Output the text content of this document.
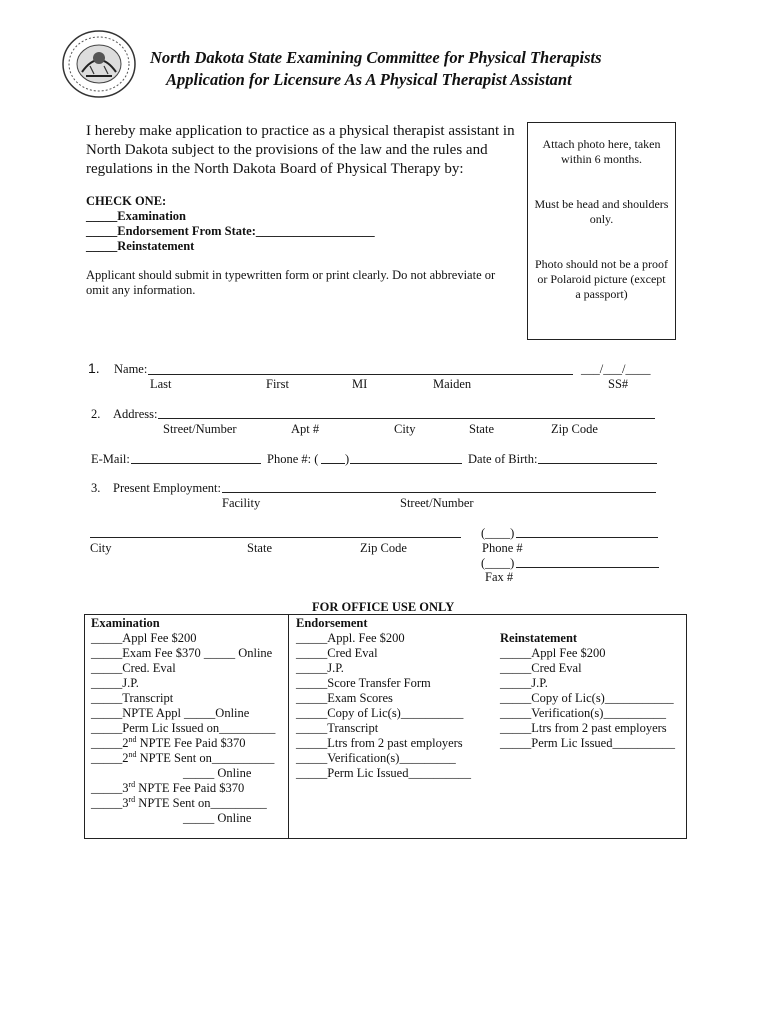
North Dakota State Examining Committee for Physical Therapists
Application for Licensure As A Physical Therapist Assistant
I hereby make application to practice as a physical therapist assistant in North Dakota subject to the provisions of the law and the rules and regulations in the North Dakota Board of Physical Therapy by:
CHECK ONE:
_____Examination
_____Endorsement From State:___________________
_____Reinstatement
Applicant should submit in typewritten form or print clearly. Do not abbreviate or omit any information.

Attach photo here, taken within 6 months.

Must be head and shoulders only.

Photo should not be a proof or Polaroid picture (except a passport)

1. Name:	___/___/____
Last	First	MI	Maiden	SS#
2. Address:
Street/Number	Apt #	City	State	Zip Code
E-Mail:	Phone #: ( )	Date of Birth:
3. Present Employment:
Facility	Street/Number
(____)
City	State	Zip Code	Phone #
(____)
Fax #
FOR OFFICE USE ONLY
Examination
_____Appl Fee $200
_____Exam Fee $370 _____ Online
_____Cred. Eval
_____J.P.
_____Transcript
_____NPTE Appl _____Online
_____Perm Lic Issued on_________
_____2nd NPTE Fee Paid $370
_____2nd NPTE Sent on__________
_____ Online
_____3rd NPTE Fee Paid $370
_____3rd NPTE Sent on_________
_____ Online
Endorsement
_____Appl. Fee $200
_____Cred Eval
_____J.P.
_____Score Transfer Form
_____Exam Scores
_____Copy of Lic(s)__________
_____Transcript
_____Ltrs from 2 past employers
_____Verification(s)_________
_____Perm Lic Issued__________
Reinstatement
_____Appl Fee $200
_____Cred Eval
_____J.P.
_____Copy of Lic(s)___________
_____Verification(s)__________
_____Ltrs from 2 past employers
_____Perm Lic Issued__________
